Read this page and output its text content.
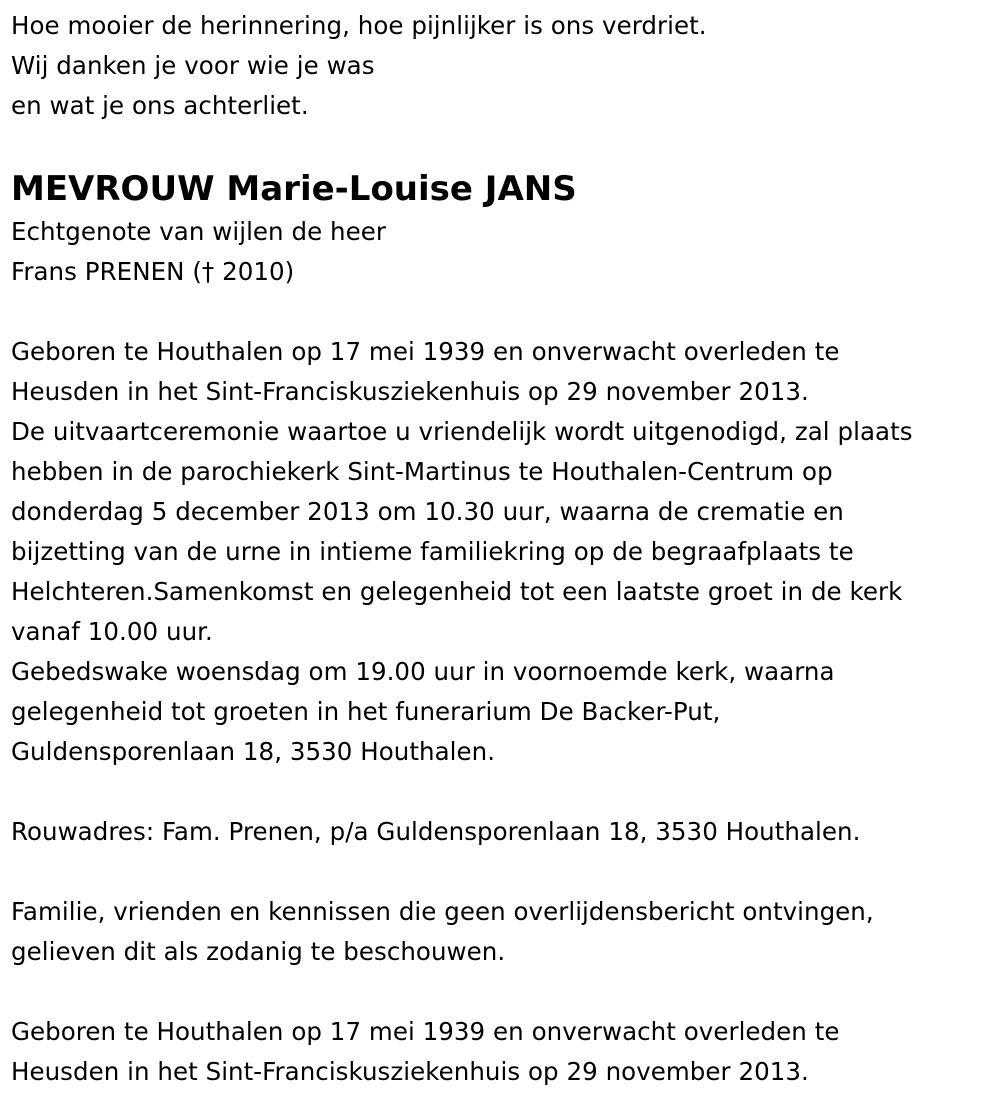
Hoe mooier de herinnering, hoe pijnlijker is ons verdriet.
Wij danken je voor wie je was
en wat je ons achterliet.
MEVROUW Marie-Louise JANS
Echtgenote van wijlen de heer
Frans PRENEN († 2010)
Geboren te Houthalen op 17 mei 1939 en onverwacht overleden te
Heusden in het Sint-Franciskusziekenhuis op 29 november 2013.
De uitvaartceremonie waartoe u vriendelijk wordt uitgenodigd, zal plaats
hebben in de parochiekerk Sint-Martinus te Houthalen-Centrum op
donderdag 5 december 2013 om 10.30 uur, waarna de crematie en
bijzetting van de urne in intieme familiekring op de begraafplaats te
Helchteren.Samenkomst en gelegenheid tot een laatste groet in de kerk
vanaf 10.00 uur.
Gebedswake woensdag om 19.00 uur in voornoemde kerk, waarna
gelegenheid tot groeten in het funerarium De Backer-Put,
Guldensporenlaan 18, 3530 Houthalen.
Rouwadres: Fam. Prenen, p/a Guldensporenlaan 18, 3530 Houthalen.
Familie, vrienden en kennissen die geen overlijdensbericht ontvingen,
gelieven dit als zodanig te beschouwen.
Geboren te Houthalen op 17 mei 1939 en onverwacht overleden te
Heusden in het Sint-Franciskusziekenhuis op 29 november 2013.
